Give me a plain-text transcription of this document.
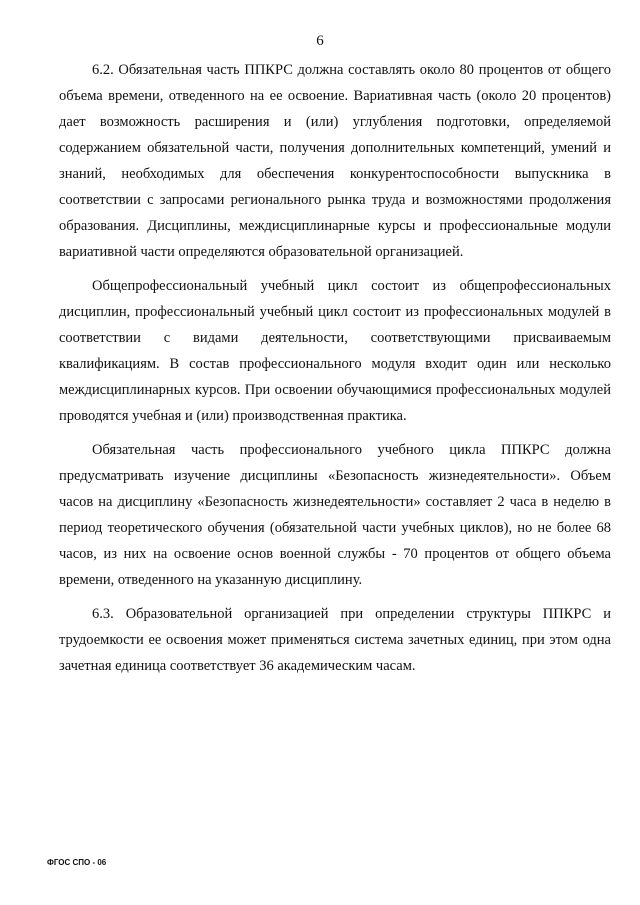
6

6.2. Обязательная часть ППКРС должна составлять около 80 процентов от общего объема времени, отведенного на ее освоение. Вариативная часть (около 20 процентов) дает возможность расширения и (или) углубления подготовки, определяемой содержанием обязательной части, получения дополнительных компетенций, умений и знаний, необходимых для обеспечения конкурентоспособности выпускника в соответствии с запросами регионального рынка труда и возможностями продолжения образования. Дисциплины, междисциплинарные курсы и профессиональные модули вариативной части определяются образовательной организацией.

Общепрофессиональный учебный цикл состоит из общепрофессиональных дисциплин, профессиональный учебный цикл состоит из профессиональных модулей в соответствии с видами деятельности, соответствующими присваиваемым квалификациям. В состав профессионального модуля входит один или несколько междисциплинарных курсов. При освоении обучающимися профессиональных модулей проводятся учебная и (или) производственная практика.

Обязательная часть профессионального учебного цикла ППКРС должна предусматривать изучение дисциплины «Безопасность жизнедеятельности». Объем часов на дисциплину «Безопасность жизнедеятельности» составляет 2 часа в неделю в период теоретического обучения (обязательной части учебных циклов), но не более 68 часов, из них на освоение основ военной службы - 70 процентов от общего объема времени, отведенного на указанную дисциплину.

6.3. Образовательной организацией при определении структуры ППКРС и трудоемкости ее освоения может применяться система зачетных единиц, при этом одна зачетная единица соответствует 36 академическим часам.

ФГОС СПО - 06
